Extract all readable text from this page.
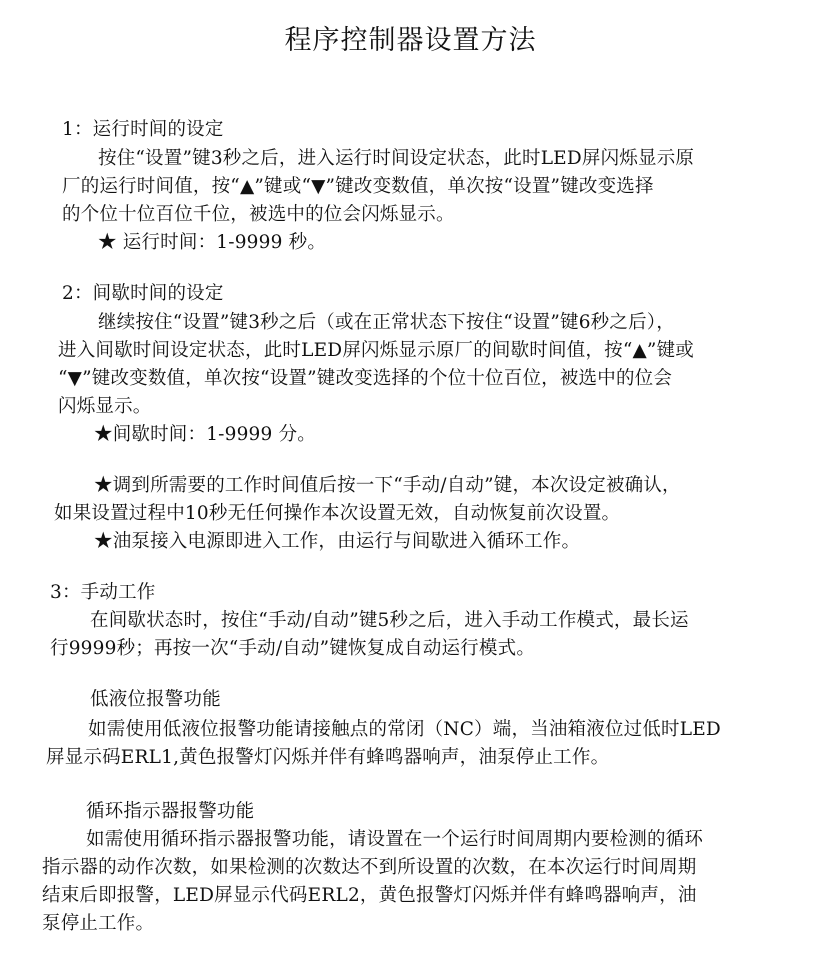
程序控制器设置方法
1：运行时间的设定
按住“设置”键3秒之后，进入运行时间设定状态，此时LED屏闪烁显示原
厂的运行时间值，按“▲”键或“▼”键改变数值，单次按“设置”键改变选择
的个位十位百位千位，被选中的位会闪烁显示。
★ 运行时间：1-9999 秒。
2：间歇时间的设定
继续按住“设置”键3秒之后（或在正常状态下按住“设置”键6秒之后），
进入间歇时间设定状态，此时LED屏闪烁显示原厂的间歇时间值，按“▲”键或
“▼”键改变数值，单次按“设置”键改变选择的个位十位百位，被选中的位会
闪烁显示。
★间歇时间：1-9999 分。
★调到所需要的工作时间值后按一下“手动/自动”键，本次设定被确认，
如果设置过程中10秒无任何操作本次设置无效，自动恢复前次设置。
★油泵接入电源即进入工作，由运行与间歇进入循环工作。
3：手动工作
在间歇状态时，按住“手动/自动”键5秒之后，进入手动工作模式，最长运
行9999秒；再按一次“手动/自动”键恢复成自动运行模式。
低液位报警功能
如需使用低液位报警功能请接触点的常闭（NC）端，当油箱液位过低时LED
屏显示码ERL1,黄色报警灯闪烁并伴有蜂鸣器响声，油泵停止工作。
循环指示器报警功能
如需使用循环指示器报警功能，请设置在一个运行时间周期内要检测的循环
指示器的动作次数，如果检测的次数达不到所设置的次数，在本次运行时间周期
结束后即报警，LED屏显示代码ERL2，黄色报警灯闪烁并伴有蜂鸣器响声，油
泵停止工作。
